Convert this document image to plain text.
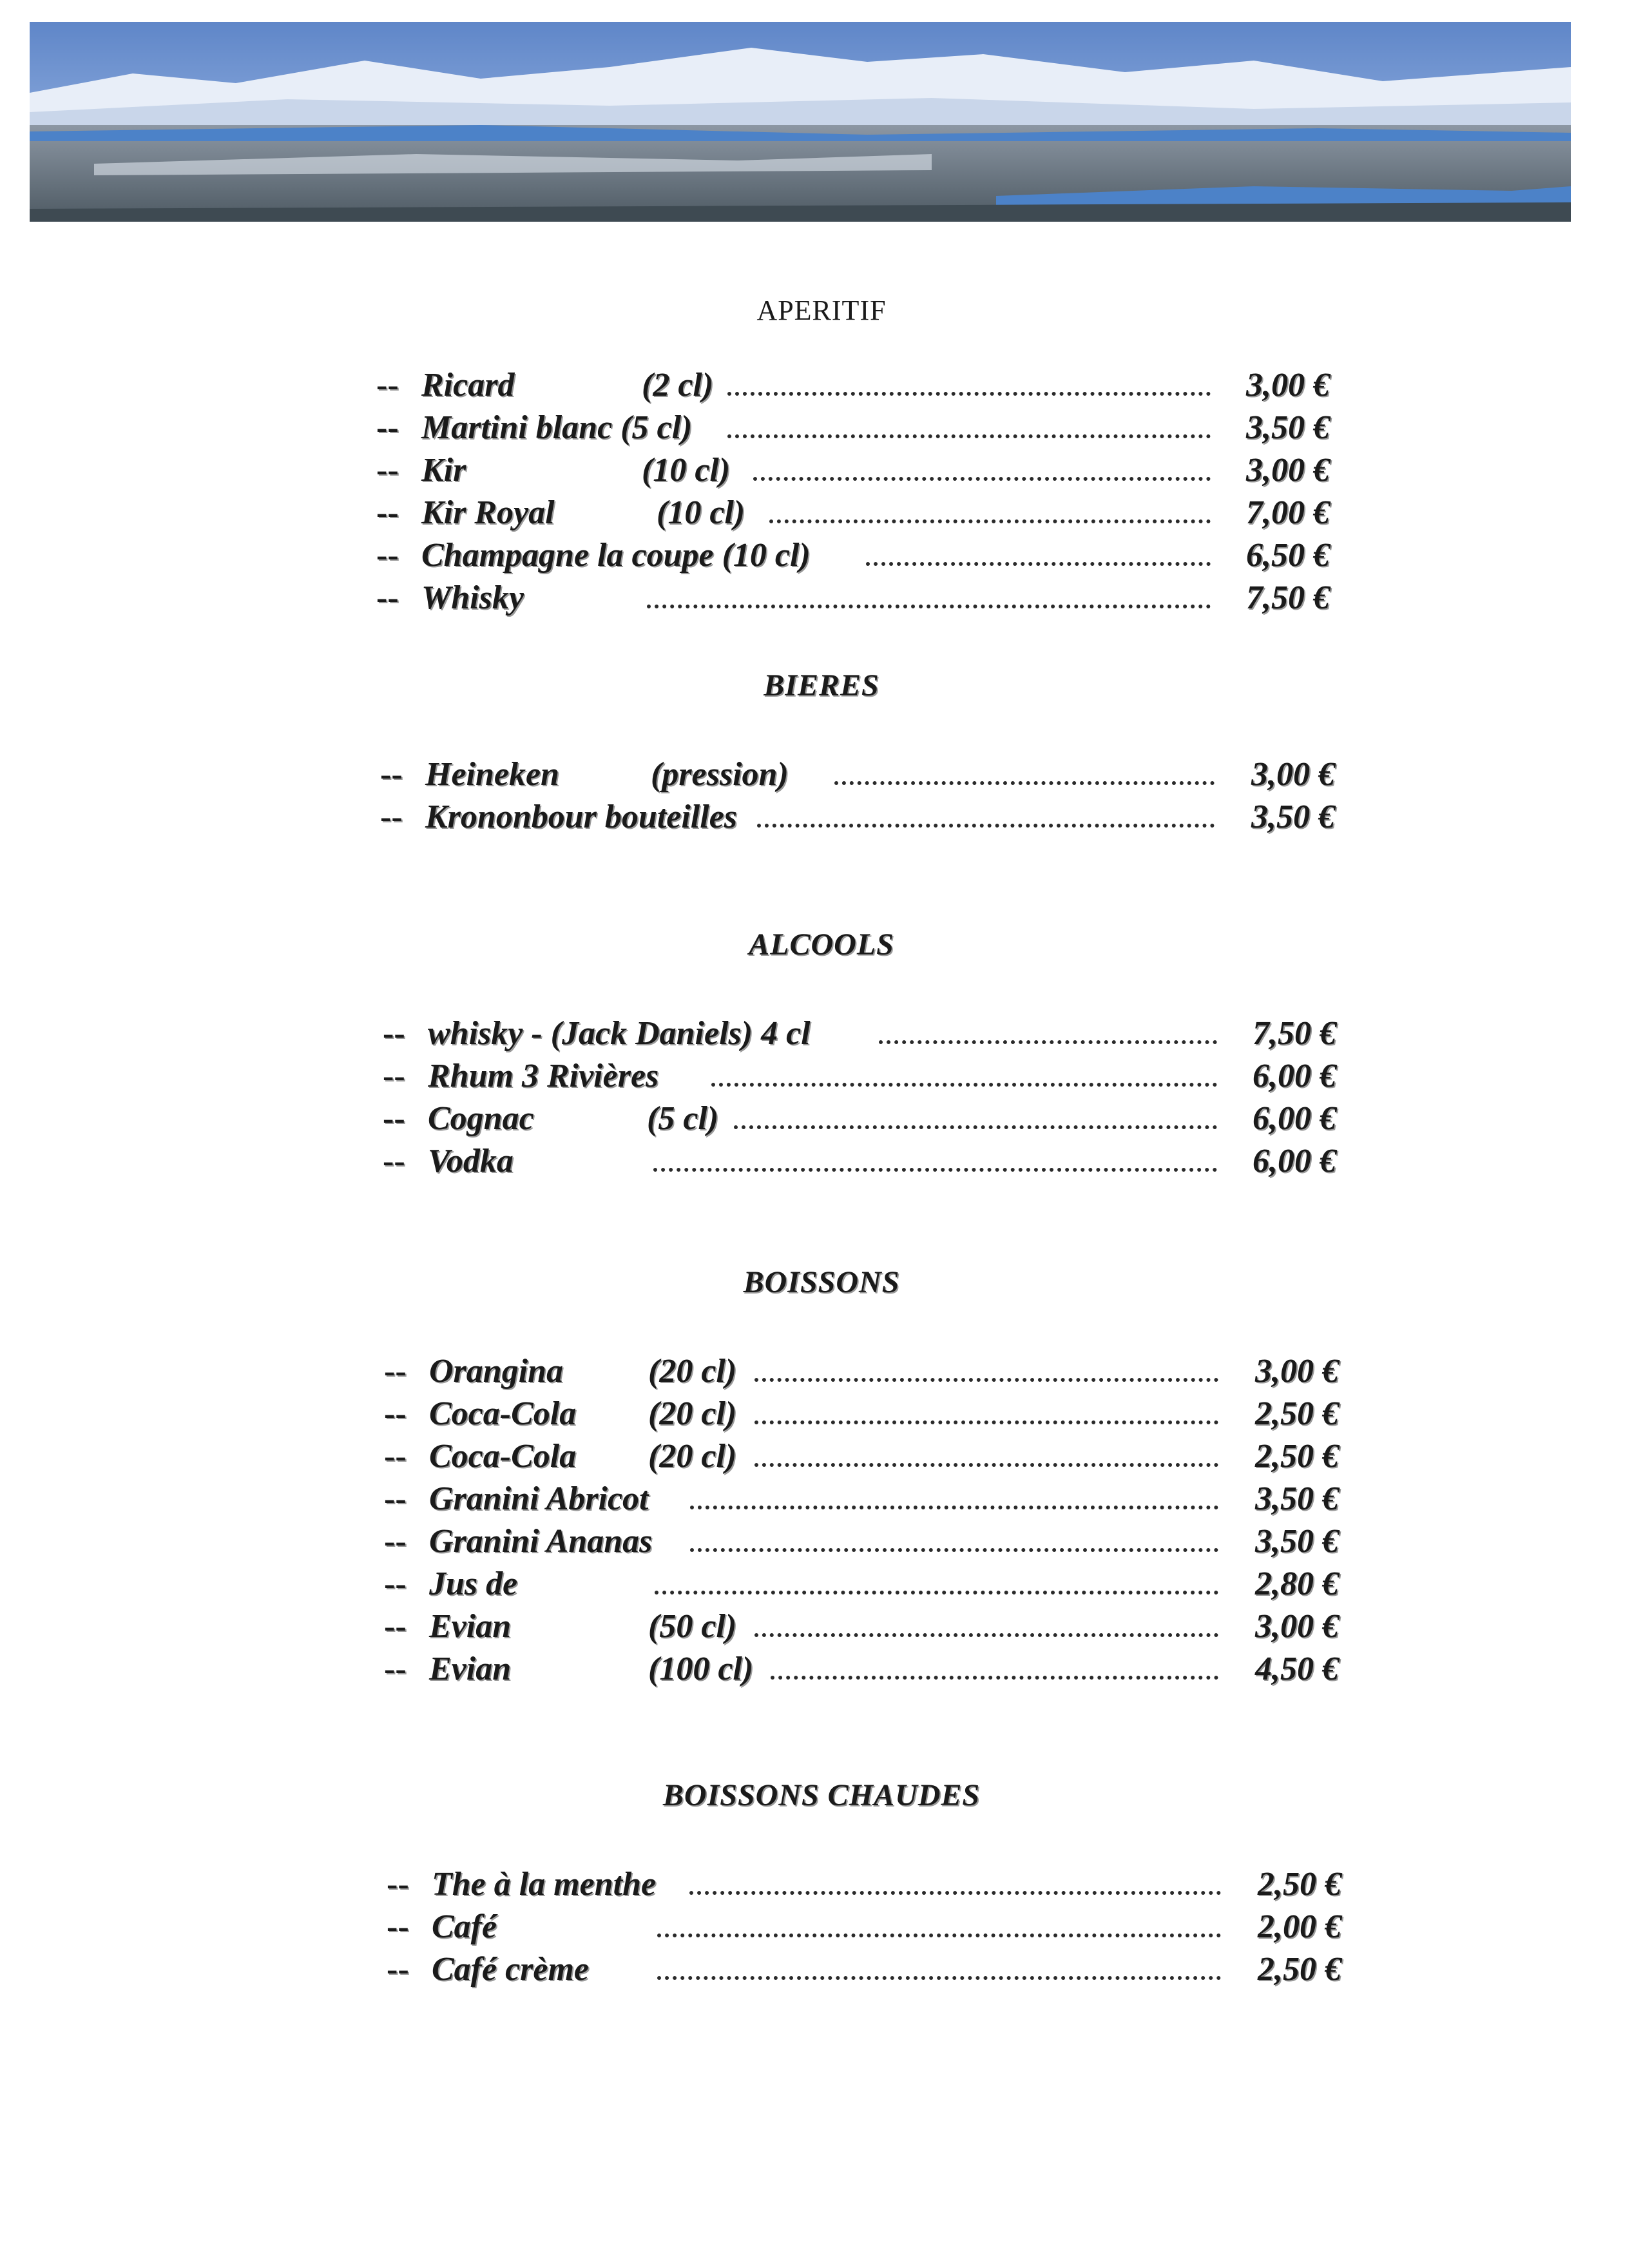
APERITIF
-- Ricard	(2 cl)	3,00 €
-- Martini blanc (5 cl)	3,50 €
-- Kir	(10 cl)	3,00 €
-- Kir Royal	(10 cl)	7,00 €
-- Champagne la coupe (10 cl)	6,50 €
-- Whisky	7,50 €
BIERES
-- Heineken	(pression)	3,00 €
-- Krononbour bouteilles	3,50 €
ALCOOLS
-- whisky - (Jack Daniels) 4 cl	7,50 €
-- Rhum 3 Rivières	6,00 €
-- Cognac	(5 cl)	6,00 €
-- Vodka	6,00 €
BOISSONS
-- Orangina	(20 cl)	3,00 €
-- Coca-Cola (20 cl)	2,50 €
-- Coca-Cola (20 cl)	2,50 €
-- Granini Abricot	3,50 €
-- Granini Ananas	3,50 €
-- Jus de	2,80 €
-- Evian	(50 cl)	3,00 €
-- Evian	(100 cl)	4,50 €
BOISSONS CHAUDES
-- The à la menthe	2,50 €
-- Café	2,00 €
-- Café crème	2,50 €
